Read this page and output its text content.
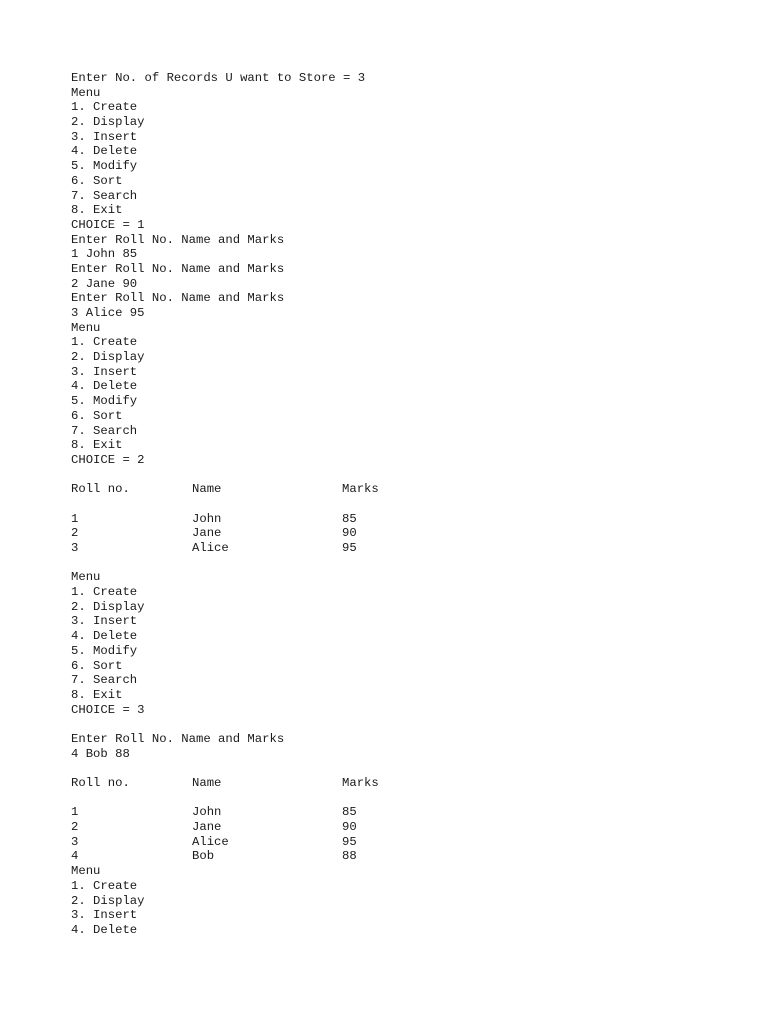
Enter No. of Records U want to Store = 3
Menu
1. Create
2. Display
3. Insert
4. Delete
5. Modify
6. Sort
7. Search
8. Exit
CHOICE = 1
Enter Roll No. Name and Marks
1 John 85
Enter Roll No. Name and Marks
2 Jane 90
Enter Roll No. Name and Marks
3 Alice 95
Menu
1. Create
2. Display
3. Insert
4. Delete
5. Modify
6. Sort
7. Search
8. Exit
CHOICE = 2
Roll no.	Name	Marks
1	John	85
2	Jane	90
3	Alice	95
Menu
1. Create
2. Display
3. Insert
4. Delete
5. Modify
6. Sort
7. Search
8. Exit
CHOICE = 3
Enter Roll No. Name and Marks
4 Bob 88
Roll no.	Name	Marks
1	John	85
2	Jane	90
3	Alice	95
4	Bob	88
Menu
1. Create
2. Display
3. Insert
4. Delete
